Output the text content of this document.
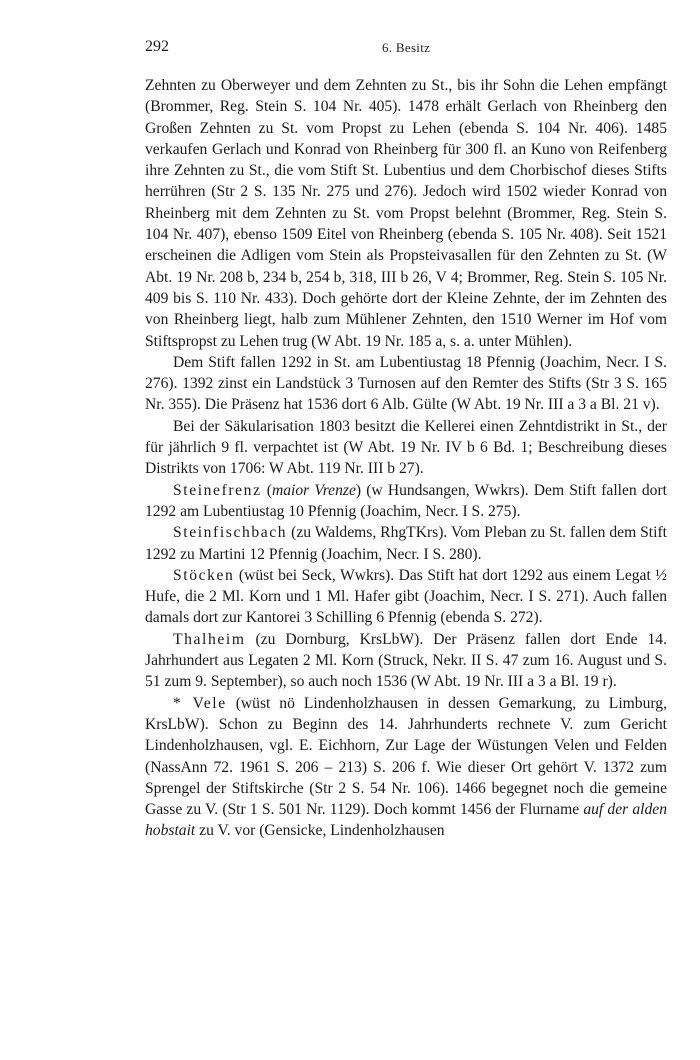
292	6. Besitz

Zehnten zu Oberweyer und dem Zehnten zu St., bis ihr Sohn die Lehen empfängt (Brommer, Reg. Stein S. 104 Nr. 405). 1478 erhält Gerlach von Rheinberg den Großen Zehnten zu St. vom Propst zu Lehen (ebenda S. 104 Nr. 406). 1485 verkaufen Gerlach und Konrad von Rheinberg für 300 fl. an Kuno von Reifenberg ihre Zehnten zu St., die vom Stift St. Lubentius und dem Chorbischof dieses Stifts herrühren (Str 2 S. 135 Nr. 275 und 276). Jedoch wird 1502 wieder Konrad von Rheinberg mit dem Zehnten zu St. vom Propst belehnt (Brommer, Reg. Stein S. 104 Nr. 407), ebenso 1509 Eitel von Rheinberg (ebenda S. 105 Nr. 408). Seit 1521 erscheinen die Adligen vom Stein als Propsteivasallen für den Zehnten zu St. (W Abt. 19 Nr. 208 b, 234 b, 254 b, 318, III b 26, V 4; Brommer, Reg. Stein S. 105 Nr. 409 bis S. 110 Nr. 433). Doch gehörte dort der Kleine Zehnte, der im Zehnten des von Rheinberg liegt, halb zum Mühlener Zehnten, den 1510 Werner im Hof vom Stiftspropst zu Lehen trug (W Abt. 19 Nr. 185 a, s. a. unter Mühlen).

Dem Stift fallen 1292 in St. am Lubentiustag 18 Pfennig (Joachim, Necr. I S. 276). 1392 zinst ein Landstück 3 Turnosen auf den Remter des Stifts (Str 3 S. 165 Nr. 355). Die Präsenz hat 1536 dort 6 Alb. Gülte (W Abt. 19 Nr. III a 3 a Bl. 21 v).

Bei der Säkularisation 1803 besitzt die Kellerei einen Zehntdistrikt in St., der für jährlich 9 fl. verpachtet ist (W Abt. 19 Nr. IV b 6 Bd. 1; Beschreibung dieses Distrikts von 1706: W Abt. 119 Nr. III b 27).

Steinefrenz (maior Vrenze) (w Hundsangen, Wwkrs). Dem Stift fallen dort 1292 am Lubentiustag 10 Pfennig (Joachim, Necr. I S. 275).

Steinfischbach (zu Waldems, RhgTKrs). Vom Pleban zu St. fallen dem Stift 1292 zu Martini 12 Pfennig (Joachim, Necr. I S. 280).

Stöcken (wüst bei Seck, Wwkrs). Das Stift hat dort 1292 aus einem Legat ½ Hufe, die 2 Ml. Korn und 1 Ml. Hafer gibt (Joachim, Necr. I S. 271). Auch fallen damals dort zur Kantorei 3 Schilling 6 Pfennig (ebenda S. 272).

Thalheim (zu Dornburg, KrsLbW). Der Präsenz fallen dort Ende 14. Jahrhundert aus Legaten 2 Ml. Korn (Struck, Nekr. II S. 47 zum 16. August und S. 51 zum 9. September), so auch noch 1536 (W Abt. 19 Nr. III a 3 a Bl. 19 r).

* Vele (wüst nö Lindenholzhausen in dessen Gemarkung, zu Limburg, KrsLbW). Schon zu Beginn des 14. Jahrhunderts rechnete V. zum Gericht Lindenholzhausen, vgl. E. Eichhorn, Zur Lage der Wüstungen Velen und Felden (NassAnn 72. 1961 S. 206 – 213) S. 206 f. Wie dieser Ort gehört V. 1372 zum Sprengel der Stiftskirche (Str 2 S. 54 Nr. 106). 1466 begegnet noch die gemeine Gasse zu V. (Str 1 S. 501 Nr. 1129). Doch kommt 1456 der Flurname auf der alden hobstait zu V. vor (Gensicke, Lindenholzhausen
